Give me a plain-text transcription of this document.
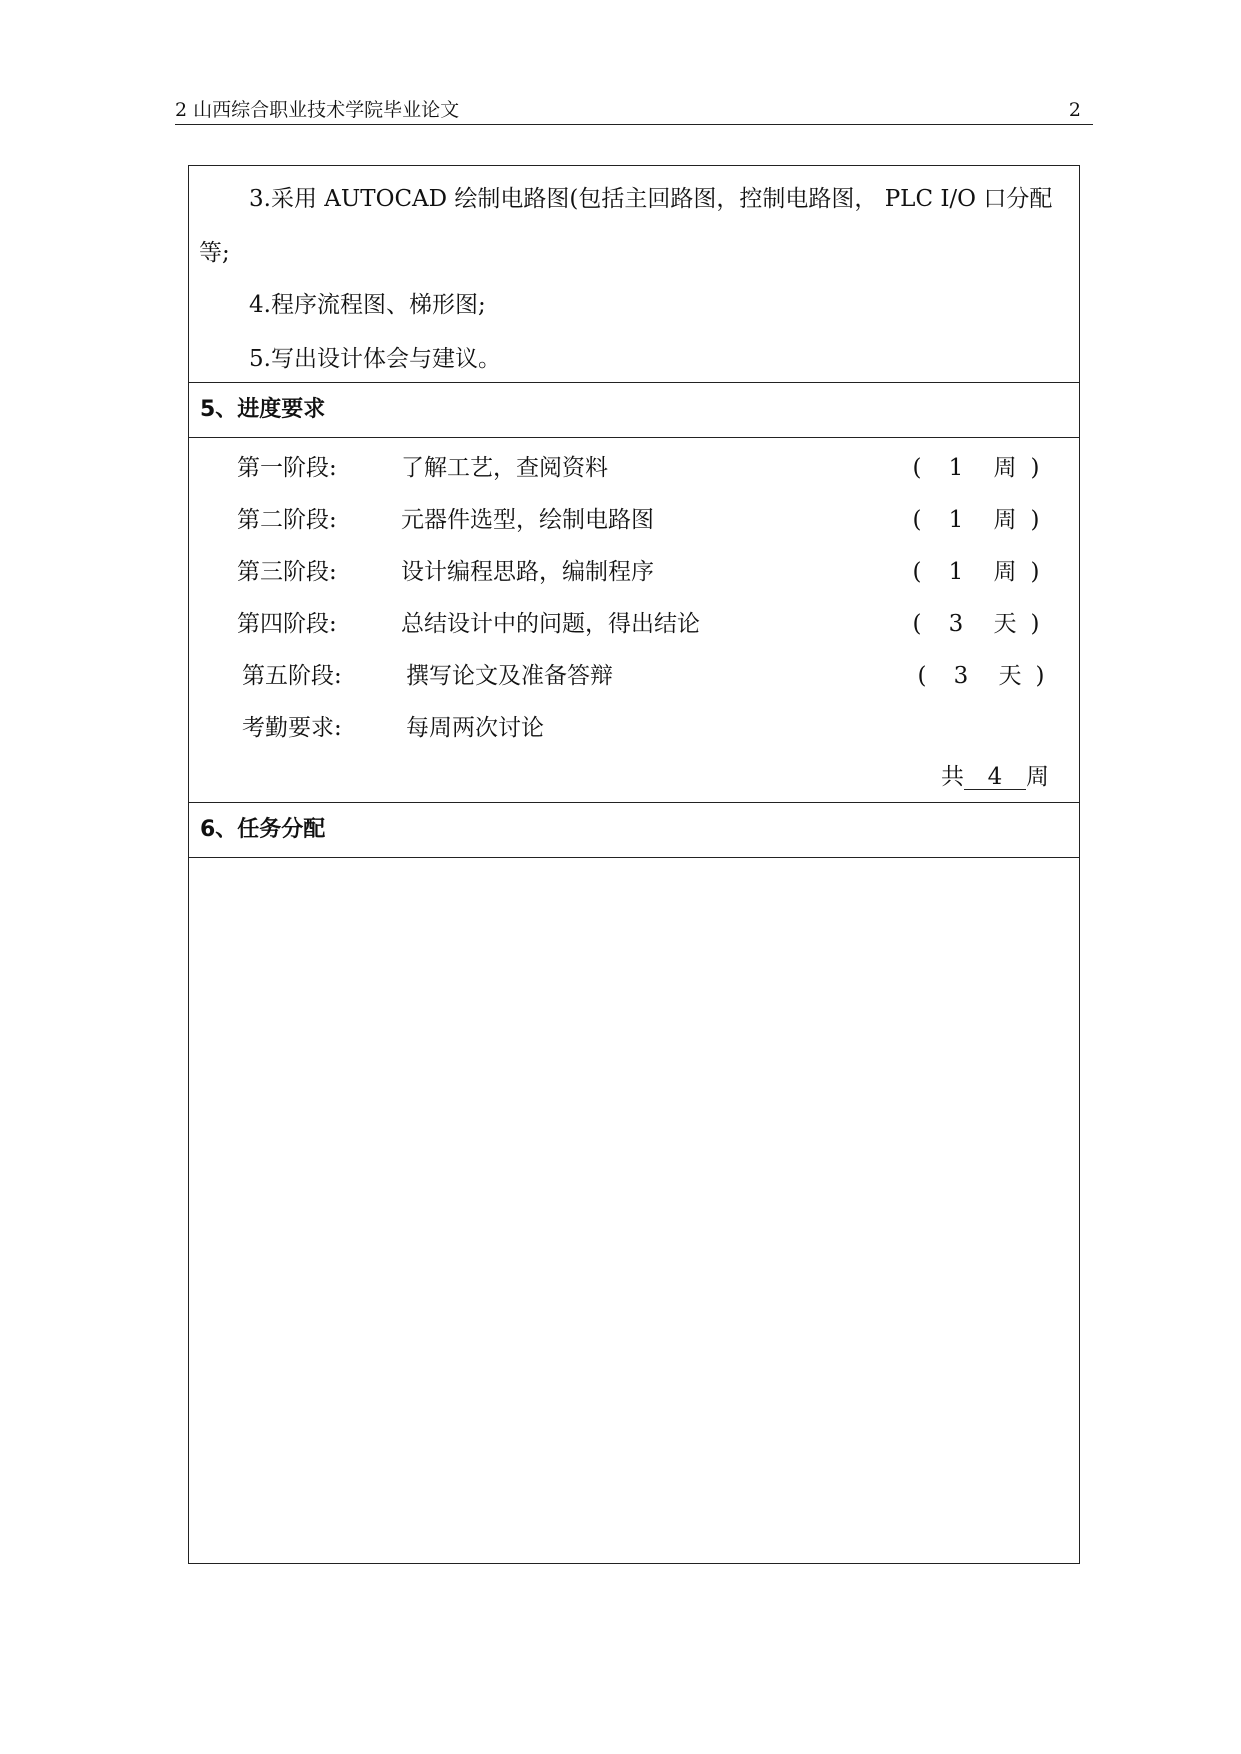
2 山西综合职业技术学院毕业论文	2
3.采用 AUTOCAD 绘制电路图(包括主回路图，控制电路图， PLC I/O 口分配
等;
4.程序流程图、梯形图;
5.写出设计体会与建议。
5、进度要求
第一阶段:	了解工艺，查阅资料	( 1 周 )
第二阶段:	元器件选型，绘制电路图	( 1 周 )
第三阶段:	设计编程思路，编制程序	( 1 周 )
第四阶段:	总结设计中的问题，得出结论	( 3 天 )
第五阶段:	撰写论文及准备答辩	( 3 天 )
考勤要求:	每周两次讨论
共 4 周
6、任务分配
